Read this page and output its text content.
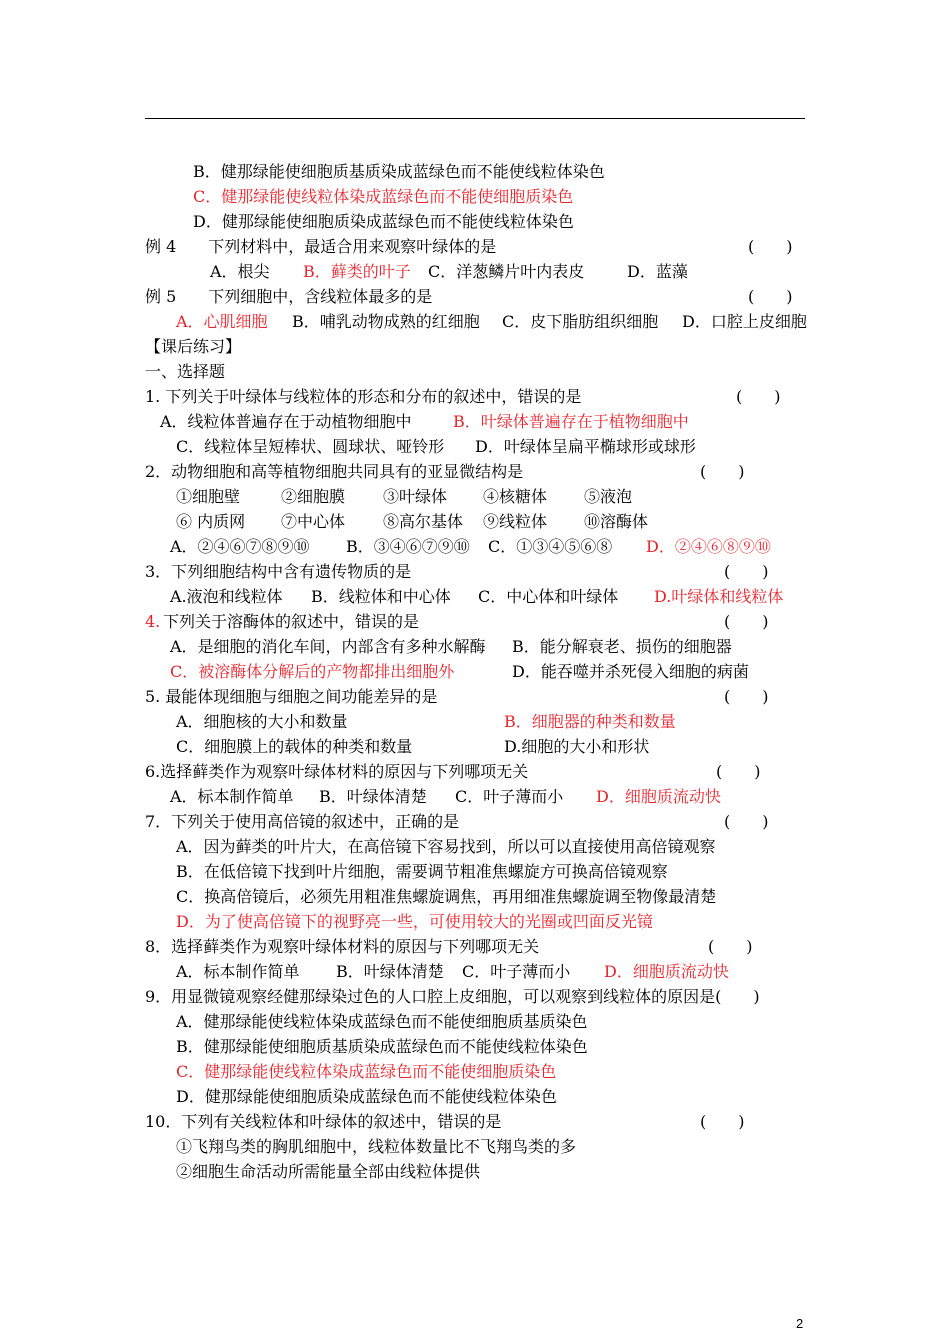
B．健那绿能使细胞质基质染成蓝绿色而不能使线粒体染色
C．健那绿能使线粒体染成蓝绿色而不能使细胞质染色
D．健那绿能使细胞质染成蓝绿色而不能使线粒体染色
例 4　　下列材料中，最适合用来观察叶绿体的是	(　　)
A．根尖 B．藓类的叶子 C．洋葱鳞片叶内表皮	D．蓝藻
例 5　　下列细胞中，含线粒体最多的是	(　　)
A．心肌细胞 B．哺乳动物成熟的红细胞 C．皮下脂肪组织细胞 D．口腔上皮细胞
【课后练习】
一、选择题
1. 下列关于叶绿体与线粒体的形态和分布的叙述中，错误的是	(　　)
A．线粒体普遍存在于动植物细胞中	B．叶绿体普遍存在于植物细胞中
C．线粒体呈短棒状、圆球状、哑铃形 D．叶绿体呈扁平椭球形或球形
2．动物细胞和高等植物细胞共同具有的亚显微结构是	(　　)
①细胞壁	②细胞膜 ③叶绿体 ④核糖体 ⑤液泡
⑥ 内质网 ⑦中心体 ⑧高尔基体 ⑨线粒体 ⑩溶酶体
A．②④⑥⑦⑧⑨⑩ B．③④⑥⑦⑨⑩ C．①③④⑤⑥⑧ D．②④⑥⑧⑨⑩
3．下列细胞结构中含有遗传物质的是	(　　)
A.液泡和线粒体 B．线粒体和中心体 C．中心体和叶绿体 D.叶绿体和线粒体
4. 下列关于溶酶体的叙述中，错误的是	(　　)
A．是细胞的消化车间，内部含有多种水解酶 B．能分解衰老、损伤的细胞器
C．被溶酶体分解后的产物都排出细胞外	D．能吞噬并杀死侵入细胞的病菌
5. 最能体现细胞与细胞之间功能差异的是	(　　)
A．细胞核的大小和数量	B．细胞器的种类和数量
C．细胞膜上的载体的种类和数量	D.细胞的大小和形状
6.选择藓类作为观察叶绿体材料的原因与下列哪项无关	(　　)
A．标本制作简单 B．叶绿体清楚 C．叶子薄而小 D．细胞质流动快
7．下列关于使用高倍镜的叙述中，正确的是	(　　)
A．因为藓类的叶片大，在高倍镜下容易找到，所以可以直接使用高倍镜观察
B．在低倍镜下找到叶片细胞，需要调节粗准焦螺旋方可换高倍镜观察
C．换高倍镜后，必须先用粗准焦螺旋调焦，再用细准焦螺旋调至物像最清楚
D．为了使高倍镜下的视野亮一些，可使用较大的光圈或凹面反光镜
8．选择藓类作为观察叶绿体材料的原因与下列哪项无关	(　　)
A．标本制作简单 B．叶绿体清楚 C．叶子薄而小 D．细胞质流动快
9．用显微镜观察经健那绿染过色的人口腔上皮细胞，可以观察到线粒体的原因是(　　)
A．健那绿能使线粒体染成蓝绿色而不能使细胞质基质染色
B．健那绿能使细胞质基质染成蓝绿色而不能使线粒体染色
C．健那绿能使线粒体染成蓝绿色而不能使细胞质染色
D．健那绿能使细胞质染成蓝绿色而不能使线粒体染色
10．下列有关线粒体和叶绿体的叙述中，错误的是	(　　)
①飞翔鸟类的胸肌细胞中，线粒体数量比不飞翔鸟类的多
②细胞生命活动所需能量全部由线粒体提供
2
